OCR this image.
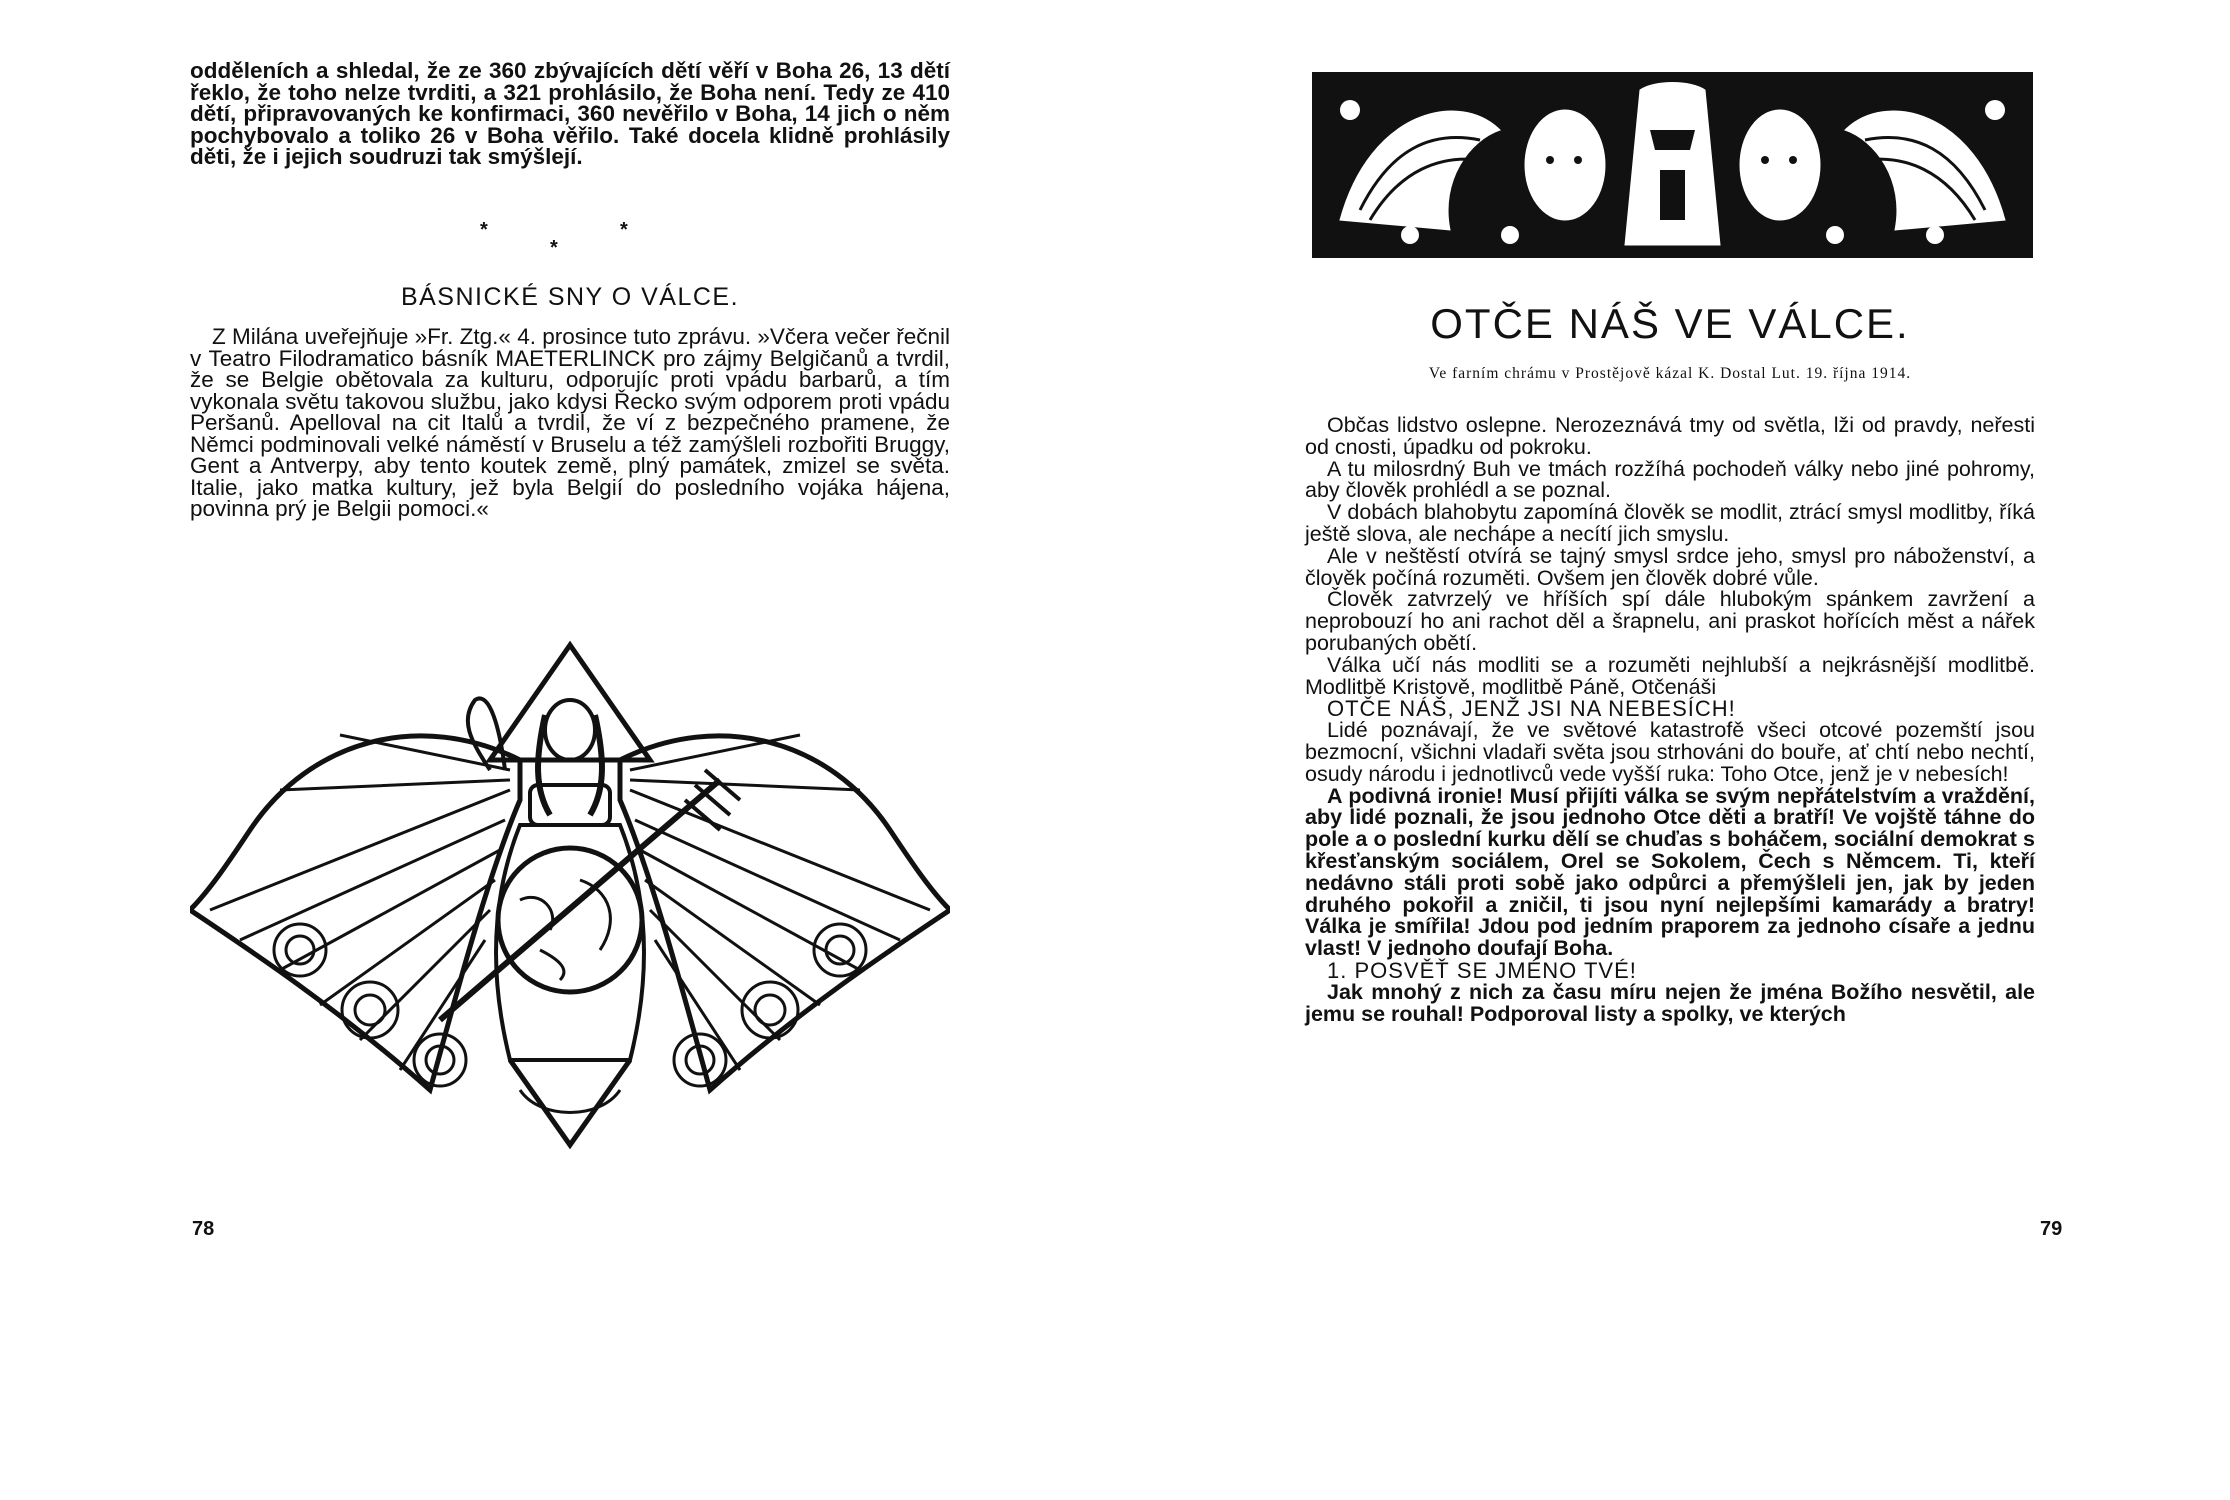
odděleních a shledal, že ze 360 zbývajících dětí věří v Boha 26, 13 dětí řeklo, že toho nelze tvrditi, a 321 prohlásilo, že Boha není. Tedy ze 410 dětí, připravovaných ke konfirmaci, 360 nevěřilo v Boha, 14 jich o něm pochybovalo a toliko 26 v Boha věřilo. Také docela klidně prohlásily děti, že i jejich soudruzi tak smýšlejí.

*
*
*
BÁSNICKÉ SNY O VÁLCE.

Z Milána uveřejňuje »Fr. Ztg.« 4. prosince tuto zprávu. »Včera večer řečnil v Teatro Filodramatico básník MAETERLINCK pro zájmy Belgičanů a tvrdil, že se Belgie obětovala za kulturu, odporujíc proti vpádu barbarů, a tím vykonala světu takovou službu, jako kdysi Řecko svým odporem proti vpádu Peršanů. Apelloval na cit Italů a tvrdil, že ví z bezpečného pramene, že Němci podminovali velké náměstí v Bruselu a též zamýšleli rozbořiti Bruggy, Gent a Antverpy, aby tento koutek země, plný památek, zmizel se světa. Italie, jako matka kultury, jež byla Belgií do posledního vojáka hájena, povinna prý je Belgii pomoci.«

78
OTČE NÁŠ VE VÁLCE.
Ve farním chrámu v Prostějově kázal K. Dostal Lut. 19. října 1914.

Občas lidstvo oslepne. Nerozeznává tmy od světla, lži od pravdy, neřesti od cnosti, úpadku od pokroku.

A tu milosrdný Buh ve tmách rozžíhá pochodeň války nebo jiné pohromy, aby člověk prohlédl a se poznal.

V dobách blahobytu zapomíná člověk se modlit, ztrácí smysl modlitby, říká ještě slova, ale nechápe a necítí jich smyslu.

Ale v neštěstí otvírá se tajný smysl srdce jeho, smysl pro náboženství, a člověk počíná rozuměti. Ovšem jen člověk dobré vůle.

Člověk zatvrzelý ve hříších spí dále hlubokým spánkem zavržení a neprobouzí ho ani rachot děl a šrapnelu, ani praskot hořících měst a nářek porubaných obětí.

Válka učí nás modliti se a rozuměti nejhlubší a nejkrásnější modlitbě. Modlitbě Kristově, modlitbě Páně, Otčenáši

OTČE NÁŠ, JENŽ JSI NA NEBESÍCH!

Lidé poznávají, že ve světové katastrofě všeci otcové pozemští jsou bezmocní, všichni vladaři světa jsou strhováni do bouře, ať chtí nebo nechtí, osudy národu i jednotlivců vede vyšší ruka: Toho Otce, jenž je v nebesích!

A podivná ironie! Musí přijíti válka se svým nepřátelstvím a vraždění, aby lidé poznali, že jsou jednoho Otce děti a bratří! Ve vojště táhne do pole a o poslední kurku dělí se chuďas s boháčem, sociální demokrat s křesťanským sociálem, Orel se Sokolem, Čech s Němcem. Ti, kteří nedávno stáli proti sobě jako odpůrci a přemýšleli jen, jak by jeden druhého pokořil a zničil, ti jsou nyní nejlepšími kamarády a bratry! Válka je smířila! Jdou pod jedním praporem za jednoho císaře a jednu vlast! V jednoho doufají Boha.

1. POSVĚŤ SE JMÉNO TVÉ!

Jak mnohý z nich za času míru nejen že jména Božího nesvětil, ale jemu se rouhal! Podporoval listy a spolky, ve kterých

79
